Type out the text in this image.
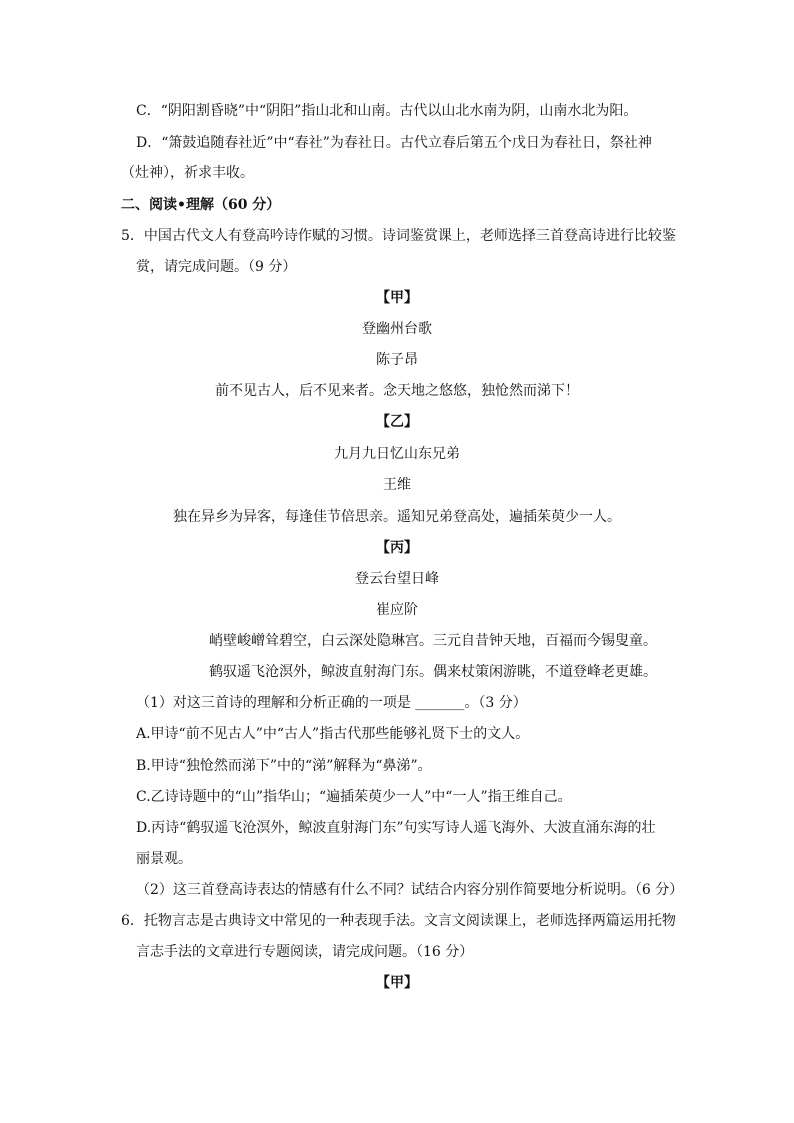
C．“阴阳割昏晓”中“阴阳”指山北和山南。古代以山北水南为阴，山南水北为阳。
D．“箫鼓追随春社近”中“春社”为春社日。古代立春后第五个戊日为春社日，祭社神
（灶神），祈求丰收。
二、阅读•理解（60 分）
5．中国古代文人有登高吟诗作赋的习惯。诗词鉴赏课上，老师选择三首登高诗进行比较鉴
赏，请完成问题。（9 分）
【甲】
登幽州台歌
陈子昂
前不见古人，后不见来者。念天地之悠悠，独怆然而涕下！
【乙】
九月九日忆山东兄弟
王维
独在异乡为异客，每逢佳节倍思亲。遥知兄弟登高处，遍插茱萸少一人。
【丙】
登云台望日峰
崔应阶
峭壁峻嶒耸碧空，白云深处隐琳宫。三元自昔钟天地，百福而今锡叟童。
鹤驭遥飞沧溟外，鲸波直射海门东。偶来杖策闲游眺，不道登峰老更雄。
（1）对这三首诗的理解和分析正确的一项是 _______。（3 分）
A.甲诗“前不见古人”中“古人”指古代那些能够礼贤下士的文人。
B.甲诗“独怆然而涕下”中的“涕”解释为“鼻涕”。
C.乙诗诗题中的“山”指华山；“遍插茱萸少一人”中“一人”指王维自己。
D.丙诗“鹤驭遥飞沧溟外，鲸波直射海门东”句实写诗人遥飞海外、大波直涌东海的壮
丽景观。
（2）这三首登高诗表达的情感有什么不同？试结合内容分别作简要地分析说明。（6 分）
6．托物言志是古典诗文中常见的一种表现手法。文言文阅读课上，老师选择两篇运用托物
言志手法的文章进行专题阅读，请完成问题。（16 分）
【甲】
